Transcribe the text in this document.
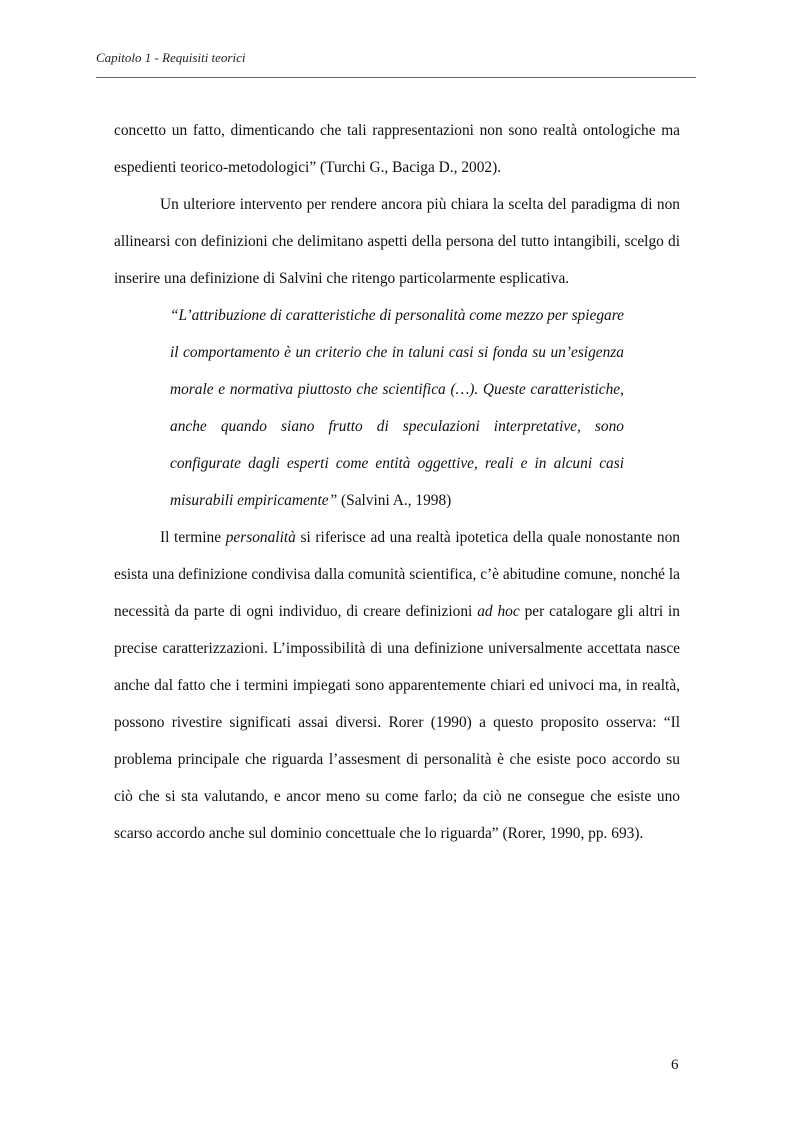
Capitolo 1 - Requisiti teorici

concetto un fatto, dimenticando che tali rappresentazioni non sono realtà ontologiche ma espedienti teorico-metodologici” (Turchi G., Baciga D., 2002).

Un ulteriore intervento per rendere ancora più chiara la scelta del paradigma di non allinearsi con definizioni che delimitano aspetti della persona del tutto intangibili, scelgo di inserire una definizione di Salvini che ritengo particolarmente esplicativa.

“L’attribuzione di caratteristiche di personalità come mezzo per spiegare il comportamento è un criterio che in taluni casi si fonda su un’esigenza morale e normativa piuttosto che scientifica (…). Queste caratteristiche, anche quando siano frutto di speculazioni interpretative, sono configurate dagli esperti come entità oggettive, reali e in alcuni casi misurabili empiricamente” (Salvini A., 1998)

Il termine personalità si riferisce ad una realtà ipotetica della quale nonostante non esista una definizione condivisa dalla comunità scientifica, c’è abitudine comune, nonché la necessità da parte di ogni individuo, di creare definizioni ad hoc per catalogare gli altri in precise caratterizzazioni. L’impossibilità di una definizione universalmente accettata nasce anche dal fatto che i termini impiegati sono apparentemente chiari ed univoci ma, in realtà, possono rivestire significati assai diversi. Rorer (1990) a questo proposito osserva: “Il problema principale che riguarda l’assesment di personalità è che esiste poco accordo su ciò che si sta valutando, e ancor meno su come farlo; da ciò ne consegue che esiste uno scarso accordo anche sul dominio concettuale che lo riguarda” (Rorer, 1990, pp. 693).

6
